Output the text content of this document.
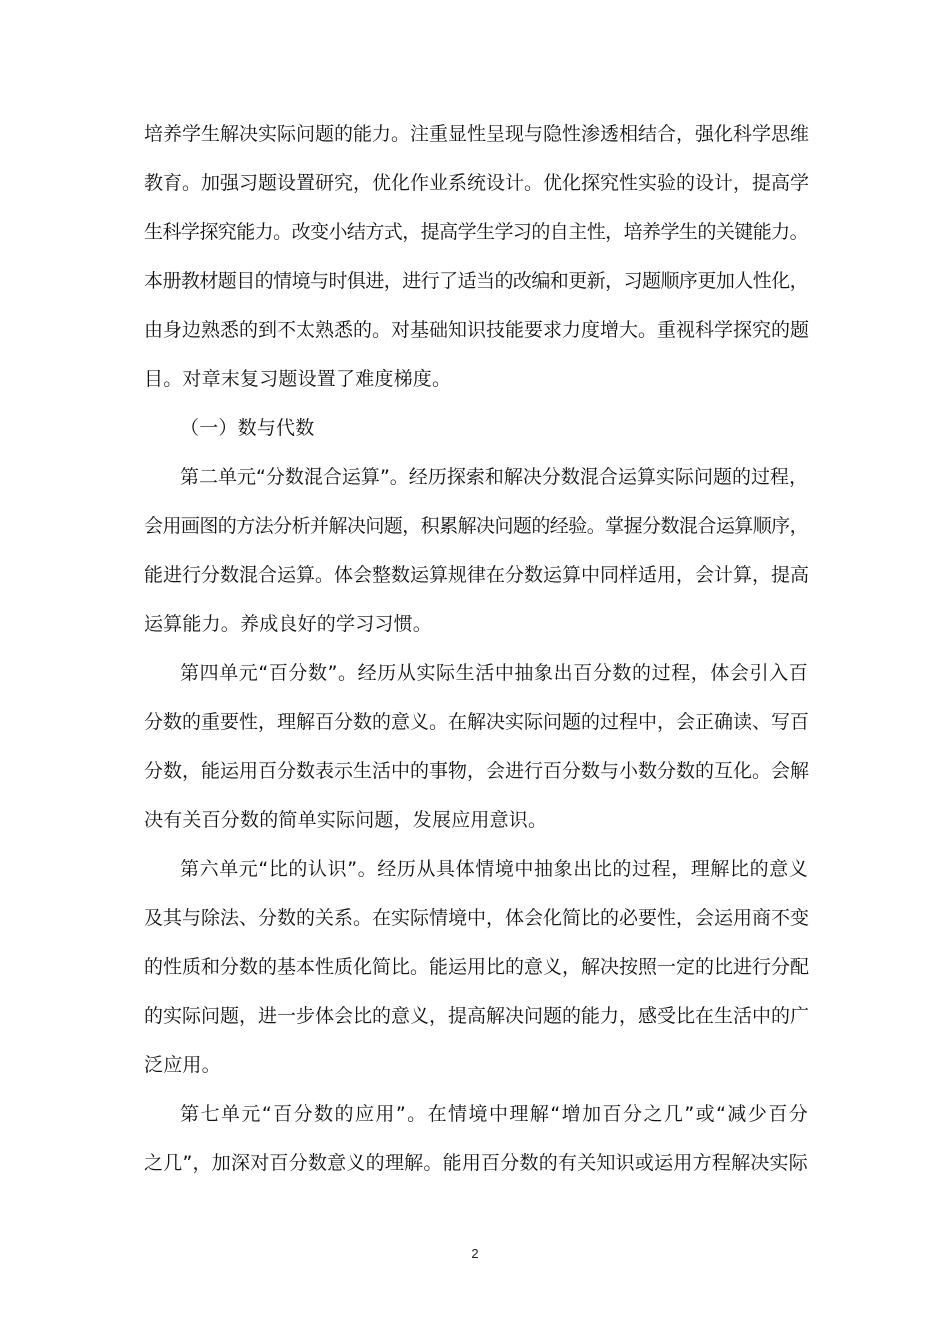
培养学生解决实际问题的能力。注重显性呈现与隐性渗透相结合，强化科学思维
教育。加强习题设置研究，优化作业系统设计。优化探究性实验的设计，提高学
生科学探究能力。改变小结方式，提高学生学习的自主性，培养学生的关键能力。
本册教材题目的情境与时俱进，进行了适当的改编和更新，习题顺序更加人性化，
由身边熟悉的到不太熟悉的。对基础知识技能要求力度增大。重视科学探究的题
目。对章末复习题设置了难度梯度。
（一）数与代数
第二单元“分数混合运算”。经历探索和解决分数混合运算实际问题的过程，
会用画图的方法分析并解决问题，积累解决问题的经验。掌握分数混合运算顺序，
能进行分数混合运算。体会整数运算规律在分数运算中同样适用，会计算，提高
运算能力。养成良好的学习习惯。
第四单元“百分数”。经历从实际生活中抽象出百分数的过程，体会引入百
分数的重要性，理解百分数的意义。在解决实际问题的过程中，会正确读、写百
分数，能运用百分数表示生活中的事物，会进行百分数与小数分数的互化。会解
决有关百分数的简单实际问题，发展应用意识。
第六单元“比的认识”。经历从具体情境中抽象出比的过程，理解比的意义
及其与除法、分数的关系。在实际情境中，体会化简比的必要性，会运用商不变
的性质和分数的基本性质化简比。能运用比的意义，解决按照一定的比进行分配
的实际问题，进一步体会比的意义，提高解决问题的能力，感受比在生活中的广
泛应用。
第七单元“百分数的应用”。在情境中理解“增加百分之几”或“减少百分
之几”，加深对百分数意义的理解。能用百分数的有关知识或运用方程解决实际
2
